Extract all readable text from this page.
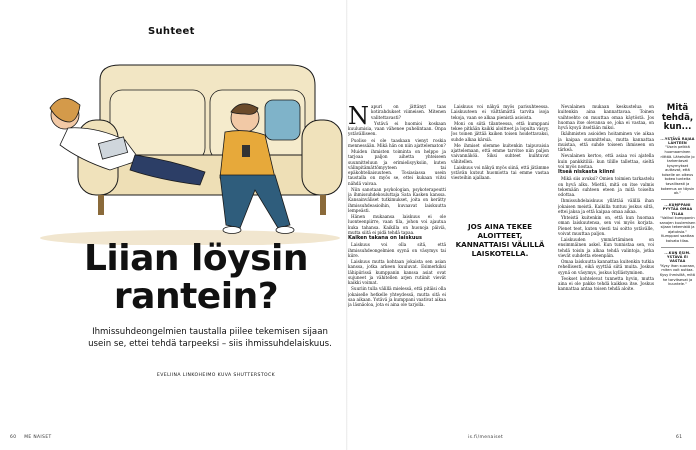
Suhteet
Liian löysin
rantein?
Ihmissuhdeongelmien taustalla piilee tekemisen sijaan usein se, ettei tehdä tarpeeksi – siis ihmissuhdelaiskuus.
EVELIINA LINKOHEIMO KUVA SHUTTERSTOCK
60 ME NAISET
N apuri on jättänyt taas kotirahdukset viimeisen. Mitenen valitettavasti?

Ystävä ei huomioi koskaan kuulumisia, vaan vähenee puhelintaan. Onpa ystävälliseen.

Puoliso ei ole taaskaan vienyt roskia mennessään. Mikä hän on niin ajattelematon?

Muiden ihmisten toiminta on helppo ja tarjoaa paljon aihetta yhteiseen suunnitteluun ja erimielisyyksiin, kuten välinpitämättömyyteen tai epäkohteliaisuuteen. Tosiasiassa usein taustalla on myös se, ettei kukaan viitsi nähdä vaivaa.

Niin sanotaan psykologian, psykoterapeutti ja ihmissuhdekouluttaja Sata Kasken kanssa. Kansainväliset tutkimukset, joita on kerätty ihmissuhdeasioihin, kuvaavat laiskuutta lempeästi.

Hänen mukaansa laiskuus ei ole luonteenpiirre, vaan tila, johon voi ajautua kuka tahansa. Kaikilla on huonoja päiviä, mutta siitä ei pidä tehdä tapaa.

Kaiken takana on laiskuus

Laiskuus voi olla sitä, että ihmissuhdeongelmien syynä on väsymys tai kiire.

Laiskuus mutta kohtaan jokaista sen asian kanssa, jotka arkeen kuuluvat. Esimerkiksi lähipiirissä kumppanin kanssa asiat ovat sujuneet ja vähitellen arjen rutiinit vievät kaikki voimat.

Suuriin tulla välillä mielessä, että pitäisi olla jokaiselle hetkelle yhteydessä, mutta sitä ei saa aikaan. Ystävä ja kumppani vaativat aikaa ja läsnäoloa, jota ei aina ole tarjolla.

Laiskuus voi näkyä myös parisuhteessa. Laiskuuteen ei välttämättä tarvita isoja tekoja, vaan se alkaa pienistä asioista.

Moni on siitä tilanteessa, että kumppani tekee pitkään kaikki aloitteet ja lopulta väsyy. Jos toinen jättää kaiken toisen hoidettavaksi, suhde alkaa kärsiä.

Me ihmiset olemme kuitenkin taipuvaisia ajattelemaan, että emme tarvitse niin paljon vaivannäköä. Siksi suhteet kuihtuvat vähitellen.

Laiskuus voi näkyä myös siinä, että jätämme ystävän kutsut huomiotta tai emme vastaa viesteihin ajallaan.

JOS AINA TEKEE ALOITTEET, KANNATTAISI VÄLILLÄ LAISKOTELLA.

Nevalainen mukaan keskustelua on kuitenkin aina kannattavaa. Toinen vaihtoehto on muuttaa omaa käytöstä. Jos huomaa itse olevansa se, joka ei vastaa, on hyvä kysyä itseltään miksi.

Ikäihmisten asioiden hoitaminen vie aikaa ja kaipaa suunnittelua, mutta kannattaa muistaa, että suhde toiseen ihmiseen on tärkeä.

Nevalainen kertoo, että asiaa voi ajatella kuin pankkitiliä: kun tilille tallettaa, sieltä voi myös nostaa.

Itseä niskasta kiinni

Mikä siis avuksi? Omien toimien tarkastelu on hyvä alku. Miettii, mitä on itse valmis tekemään suhteen eteen ja mitä toiselta odottaa.

Ihmissuhdelaiskuus yllättää välillä ihan jokaisen meistä. Kaikilla tuntuu joskus siltä, ettei jaksa ja että kaipaa omaa aikaa.

Yhteistä kuitenkin on, että kun huomaa oman laiskuutensa, sen voi myös korjata. Pienet teot, kuten viesti tai soitto ystävälle, voivat muuttaa paljon.

Laiskuuden ymmärtäminen on ensimmäinen askel. Kun tunnistaa sen, voi tehdä toisin ja alkaa tehdä valintoja, jotka vievät suhdetta eteenpäin.

Omaa laiskuutta kannattaa kuitenkin tutkia rehellisesti, eikä syyttää siitä muita. Joskus syynä on väsymys, joskus kyllästyminen.

Teokset kohtelevat tunnetta hyvin, mutta aina ei ole pakko tehdä kaikkea itse. Joskus kannattaa antaa toisen tehdä aloite.

Mitä tehdä, kun...
...YSTÄVÄ RAJAA LÄHTEEN
"Usein pelkkä huomaaminen riittää. Läheisille jo tarkentavat kysymykset auttavat, että toiselle on oikeus kokea tunteita tavallisesti ja kokemus on täysin ok."
...KUMPPANI PYYTÄÄ OMAA TILAA
"Valikoi kumppanin sanojen kuulemisen sijaan tekemistä ja ajatuksia." Kumppani saattaa kaivata tilaa.
...KUN ESIM. YSTÄVÄ EI VASTAA
"Kysy ihan suoraan, miten voit auttaa. Kysy ihmisiltä, mitä he tarvitsevat ja kuuntele."
is.fi/menaiset	61
